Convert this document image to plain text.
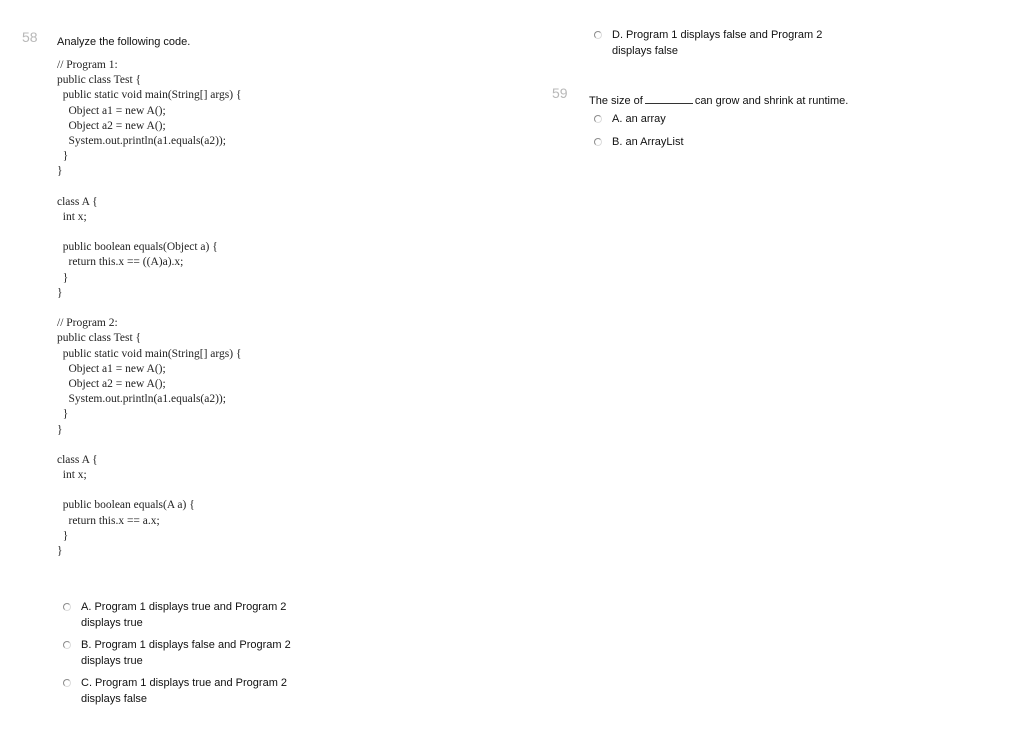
58 Analyze the following code.
// Program 1:
public class Test {
public static void main(String[] args) {
Object a1 = new A();
Object a2 = new A();
System.out.println(a1.equals(a2));
}
}
class A {
int x;
public boolean equals(Object a) {
return this.x == ((A)a).x;
}
}
// Program 2:
public class Test {
public static void main(String[] args) {
Object a1 = new A();
Object a2 = new A();
System.out.println(a1.equals(a2));
}
}
class A {
int x;
public boolean equals(A a) {
return this.x == a.x;
}
}
A. Program 1 displays true and Program 2
displays true
B. Program 1 displays false and Program 2
displays true
C. Program 1 displays true and Program 2
displays false
D. Program 1 displays false and Program 2
displays false
59 The size of	can grow and shrink at runtime.
A. an array
B. an ArrayList
